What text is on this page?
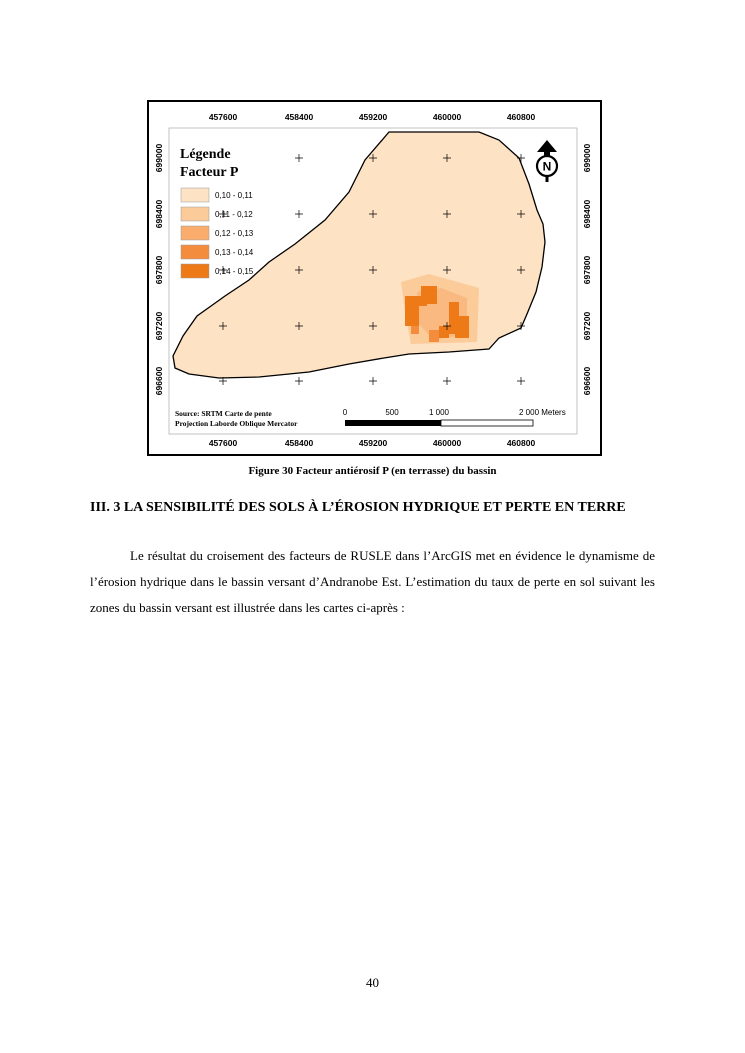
457600	458400	459200	460000	460800
457600	458400	459200	460000	460800
699000
698400
697800
697200
696600
699000
698400
697800
697200
696600
Légende
Facteur P
0,10 - 0,11
0,11 - 0,12
0,12 - 0,13
0,13 - 0,14
0,14 - 0,15
N
Source: SRTM Carte de pente
Projection Laborde Oblique Mercator
0	500	1 000	2 000 Meters
Figure 30 Facteur antiérosif P (en terrasse) du bassin
III. 3 LA SENSIBILITÉ DES SOLS À L’ÉROSION HYDRIQUE ET PERTE EN TERRE
Le résultat du croisement des facteurs de RUSLE dans l’ArcGIS met en évidence le dynamisme de l’érosion hydrique dans le bassin versant d’Andranobe Est. L’estimation du taux de perte en sol suivant les zones du bassin versant est illustrée dans les cartes ci-après :
40
